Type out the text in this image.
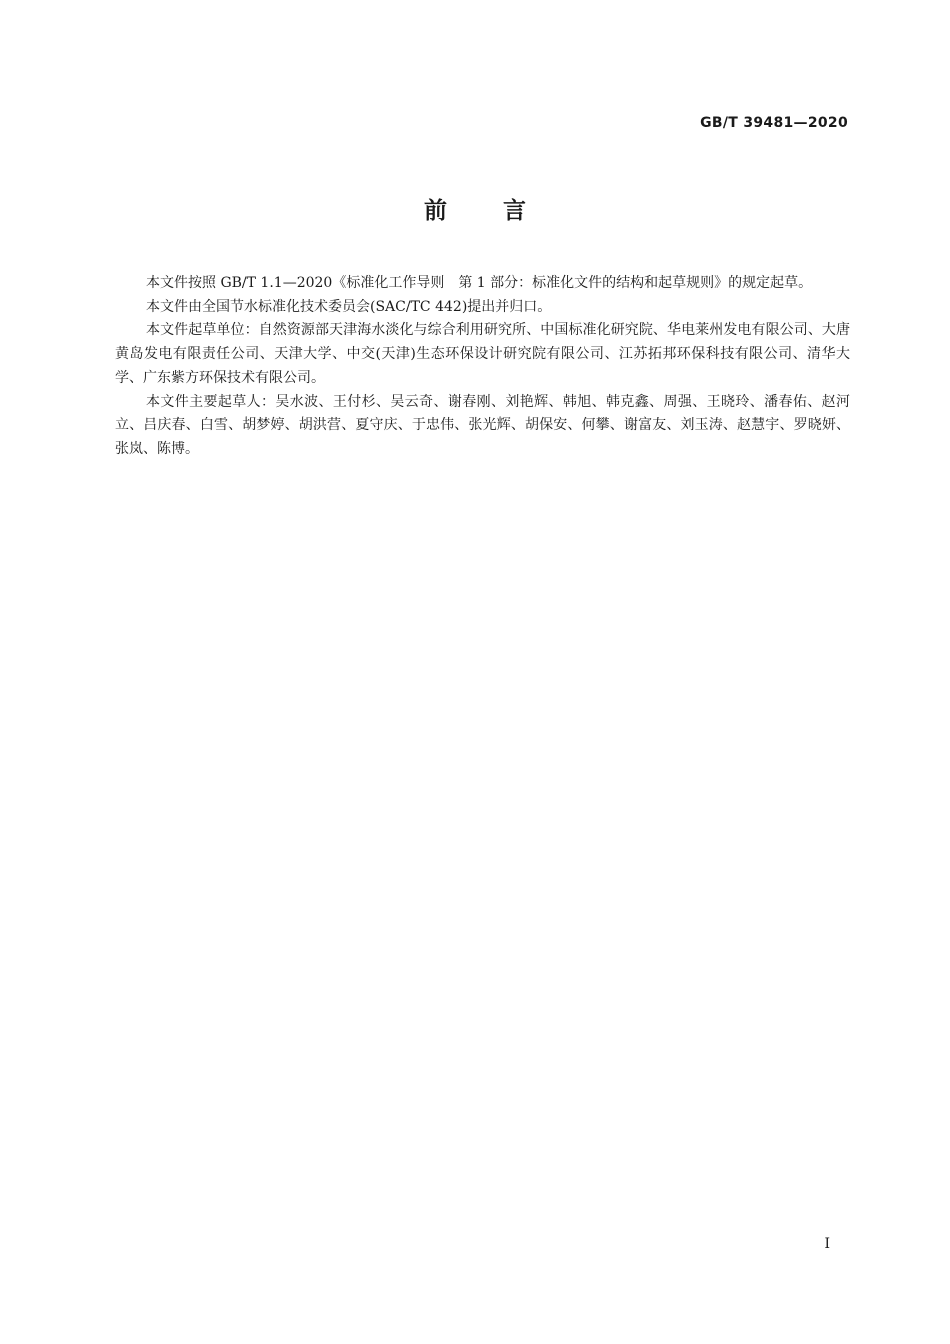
GB/T 39481—2020
前言

本文件按照 GB/T 1.1—2020《标准化工作导则　第 1 部分：标准化文件的结构和起草规则》的规定起草。

本文件由全国节水标准化技术委员会(SAC/TC 442)提出并归口。

本文件起草单位：自然资源部天津海水淡化与综合利用研究所、中国标准化研究院、华电莱州发电有限公司、大唐黄岛发电有限责任公司、天津大学、中交(天津)生态环保设计研究院有限公司、江苏拓邦环保科技有限公司、清华大学、广东紫方环保技术有限公司。

本文件主要起草人：吴水波、王付杉、吴云奇、谢春刚、刘艳辉、韩旭、韩克鑫、周强、王晓玲、潘春佑、赵河立、吕庆春、白雪、胡梦婷、胡洪营、夏守庆、于忠伟、张光辉、胡保安、何攀、谢富友、刘玉涛、赵慧宇、罗晓妍、张岚、陈博。

I
